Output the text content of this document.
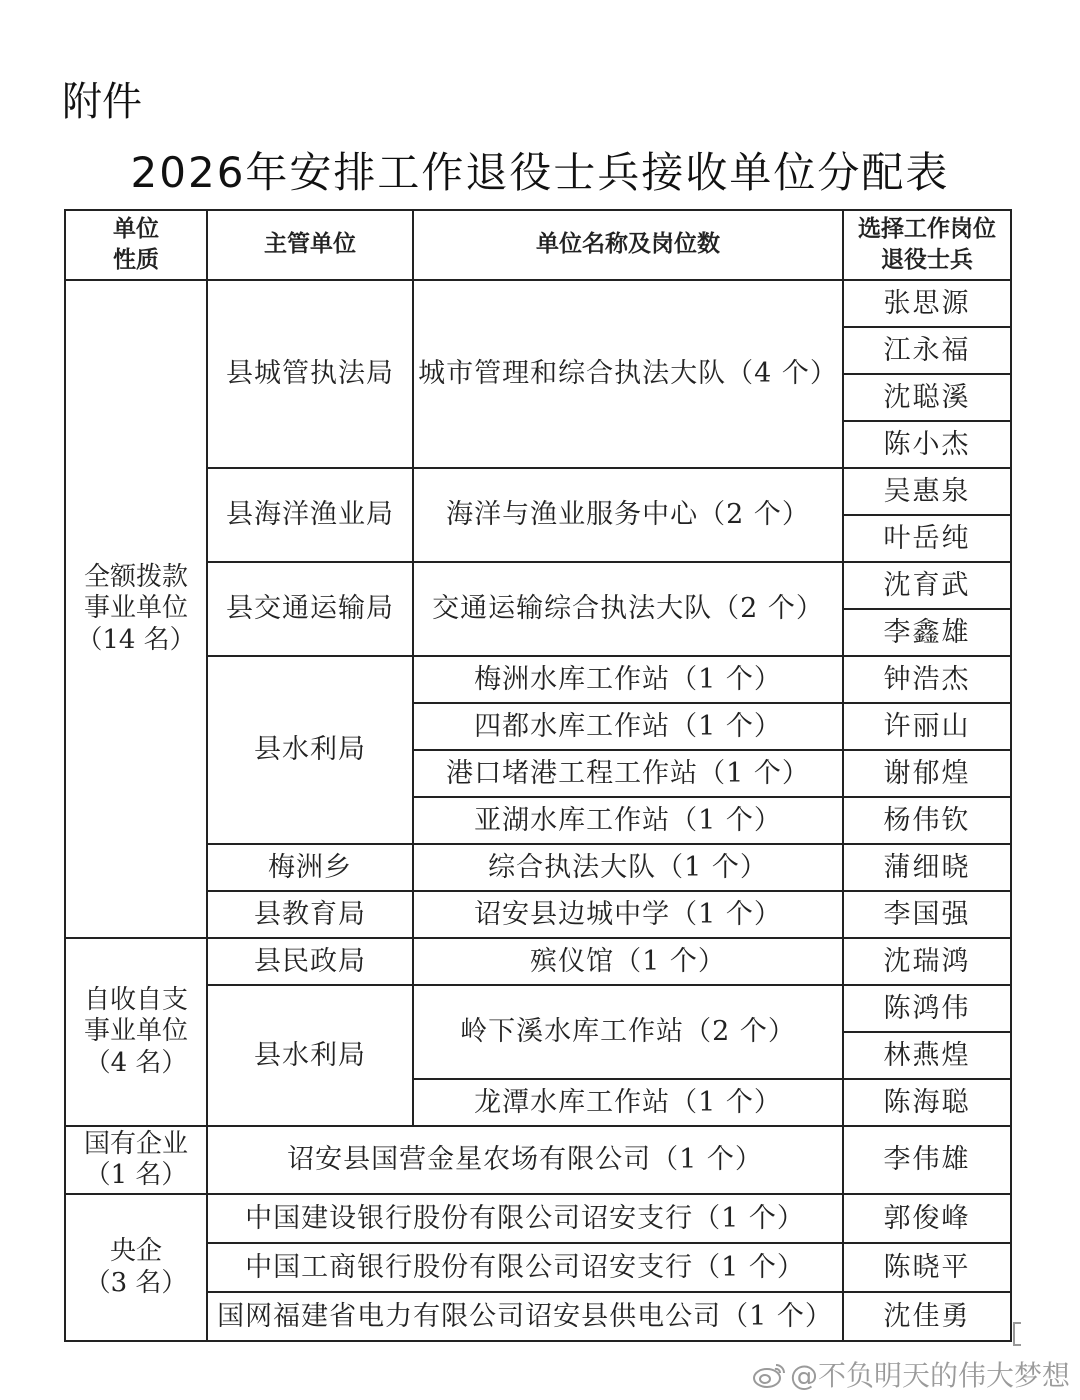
附件
2026年安排工作退役士兵接收单位分配表
单位
性质	主管单位	单位名称及岗位数	选择工作岗位
退役士兵
全额拨款
事业单位
（14 名）	县城管执法局	城市管理和综合执法大队（4 个）	张思源
			江永福
			沈聪溪
			陈小杰
	县海洋渔业局	海洋与渔业服务中心（2 个）	吴惠泉
			叶岳纯
	县交通运输局	交通运输综合执法大队（2 个）	沈育武
			李鑫雄
	县水利局	梅洲水库工作站（1 个）	钟浩杰
		四都水库工作站（1 个）	许丽山
		港口堵港工程工作站（1 个）	谢郁煌
		亚湖水库工作站（1 个）	杨伟钦
	梅洲乡	综合执法大队（1 个）	蒲细晓
	县教育局	诏安县边城中学（1 个）	李国强
自收自支
事业单位
（4 名）	县民政局	殡仪馆（1 个）	沈瑞鸿
	县水利局	岭下溪水库工作站（2 个）	陈鸿伟
			林燕煌
		龙潭水库工作站（1 个）	陈海聪
国有企业
（1 名）	诏安县国营金星农场有限公司（1 个）		李伟雄
央企
（3 名）	中国建设银行股份有限公司诏安支行（1 个）		郭俊峰
	中国工商银行股份有限公司诏安支行（1 个）		陈晓平
	国网福建省电力有限公司诏安县供电公司（1 个）		沈佳勇
@不负明天的伟大梦想
